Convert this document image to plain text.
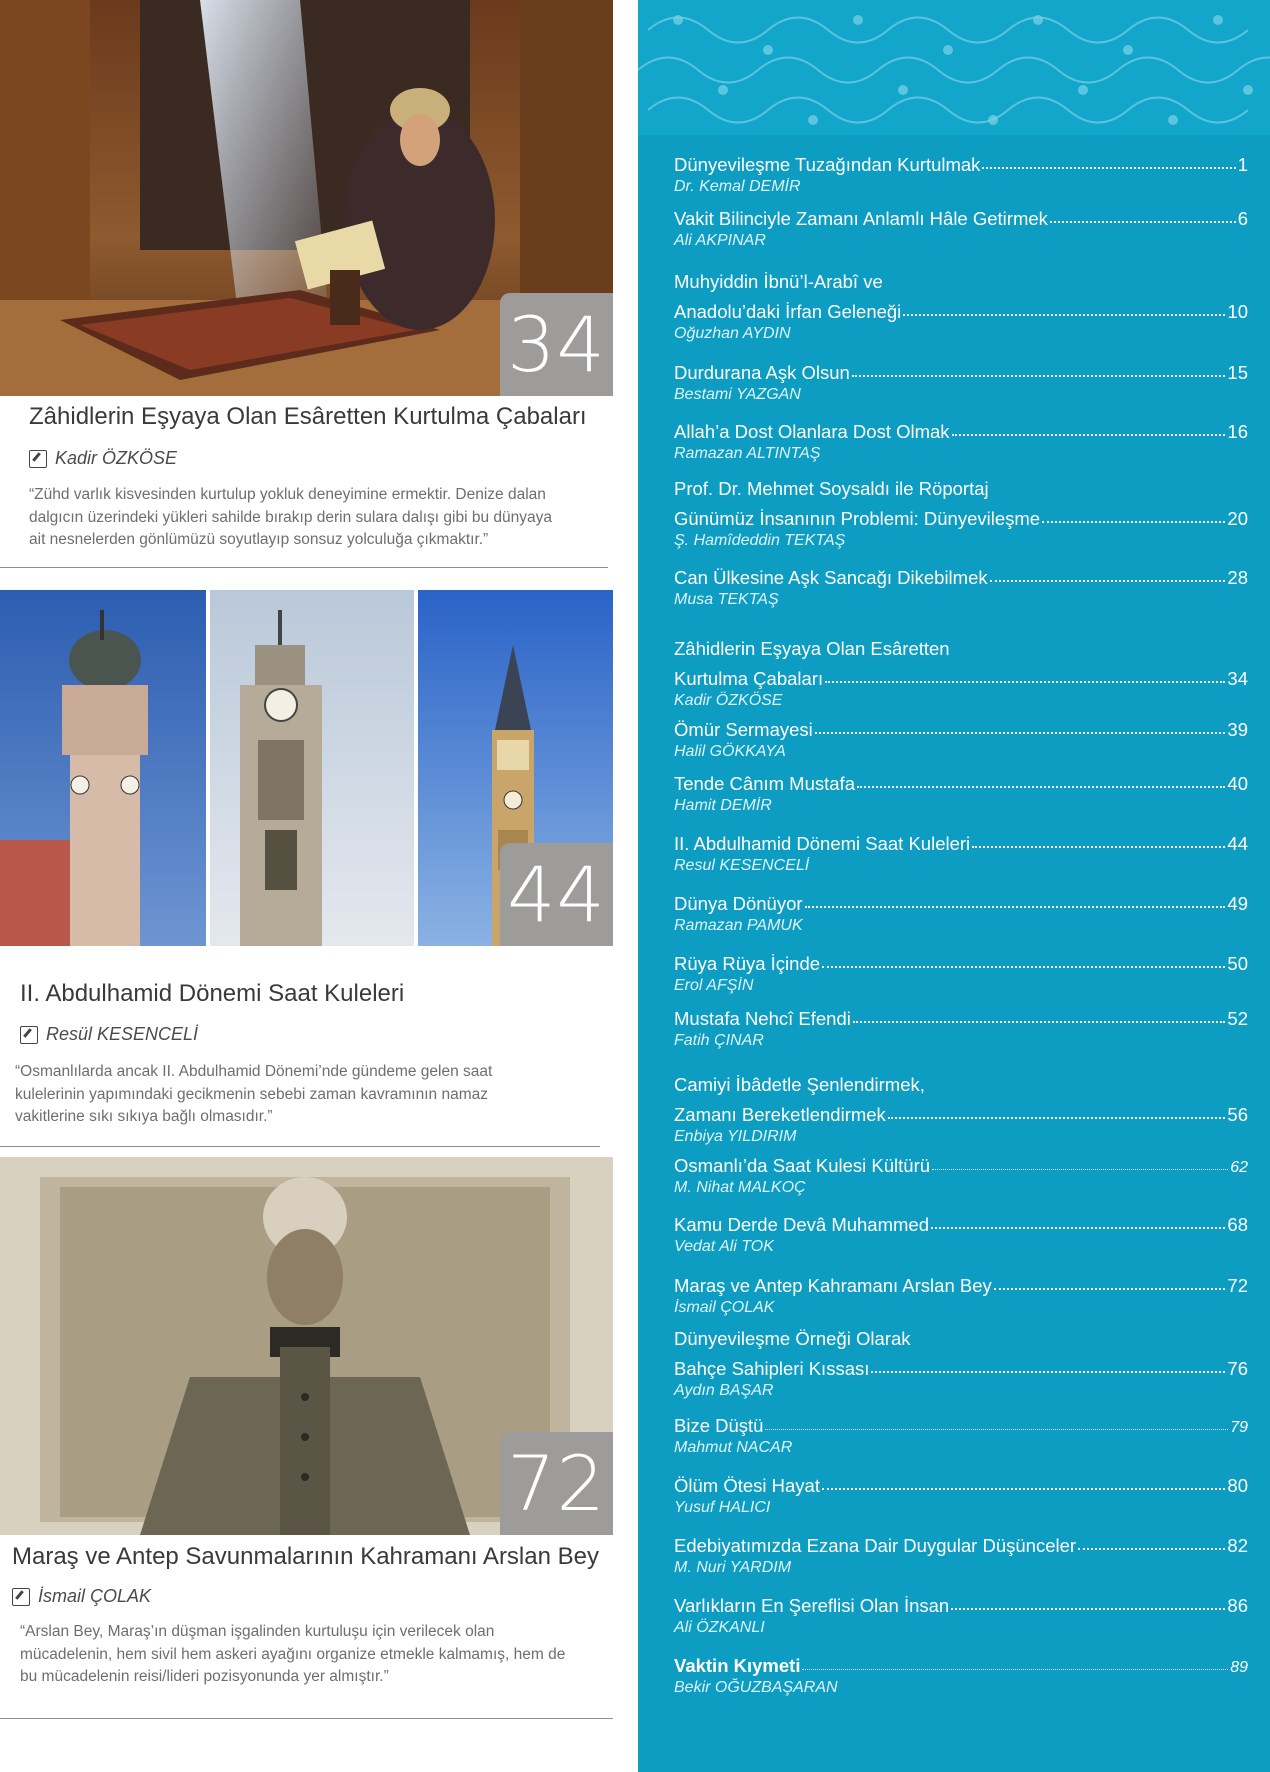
34
Zâhidlerin Eşyaya Olan Esâretten Kurtulma Çabaları
Kadir ÖZKÖSE
“Zühd varlık kisvesinden kurtulup yokluk deneyimine ermektir. Denize dalan
dalgıcın üzerindeki yükleri sahilde bırakıp derin sulara dalışı gibi bu dünyaya
ait nesnelerden gönlümüzü soyutlayıp sonsuz yolculuğa çıkmaktır.”
44
II. Abdulhamid Dönemi Saat Kuleleri
Resül KESENCELİ
“Osmanlılarda ancak II. Abdulhamid Dönemi’nde gündeme gelen saat
kulelerinin yapımındaki gecikmenin sebebi zaman kavramının namaz
vakitlerine sıkı sıkıya bağlı olmasıdır.”
72
Maraş ve Antep Savunmalarının Kahramanı Arslan Bey
İsmail ÇOLAK
“Arslan Bey, Maraş’ın düşman işgalinden kurtuluşu için verilecek olan
mücadelenin, hem sivil hem askeri ayağını organize etmekle kalmamış, hem de
bu mücadelenin reisi/lideri pozisyonunda yer almıştır.”
Dünyevileşme Tuzağından Kurtulmak	1
Dr. Kemal DEMİR
Vakit Bilinciyle Zamanı Anlamlı Hâle Getirmek	6
Ali AKPINAR
Muhyiddin İbnü’l-Arabî ve
Anadolu’daki İrfan Geleneği	10
Oğuzhan AYDIN
Durdurana Aşk Olsun	15
Bestami YAZGAN
Allah’a Dost Olanlara Dost Olmak	16
Ramazan ALTINTAŞ
Prof. Dr. Mehmet Soysaldı ile Röportaj
Günümüz İnsanının Problemi: Dünyevileşme	20
Ş. Hamîdeddin TEKTAŞ
Can Ülkesine Aşk Sancağı Dikebilmek	28
Musa TEKTAŞ
Zâhidlerin Eşyaya Olan Esâretten
Kurtulma Çabaları	34
Kadir ÖZKÖSE
Ömür Sermayesi	39
Halil GÖKKAYA
Tende Cânım Mustafa	40
Hamit DEMİR
II. Abdulhamid Dönemi Saat Kuleleri	44
Resul KESENCELİ
Dünya Dönüyor	49
Ramazan PAMUK
Rüya Rüya İçinde	50
Erol AFŞİN
Mustafa Nehcî Efendi	52
Fatih ÇINAR
Camiyi İbâdetle Şenlendirmek,
Zamanı Bereketlendirmek	56
Enbiya YILDIRIM
Osmanlı’da Saat Kulesi Kültürü	62
M. Nihat MALKOÇ
Kamu Derde Devâ Muhammed	68
Vedat Ali TOK
Maraş ve Antep Kahramanı Arslan Bey	72
İsmail ÇOLAK
Dünyevileşme Örneği Olarak
Bahçe Sahipleri Kıssası	76
Aydın BAŞAR
Bize Düştü	79
Mahmut NACAR
Ölüm Ötesi Hayat	80
Yusuf HALICI
Edebiyatımızda Ezana Dair Duygular Düşünceler	82
M. Nuri YARDIM
Varlıkların En Şereflisi Olan İnsan	86
Ali ÖZKANLI
Vaktin Kıymeti	89
Bekir OĞUZBAŞARAN
